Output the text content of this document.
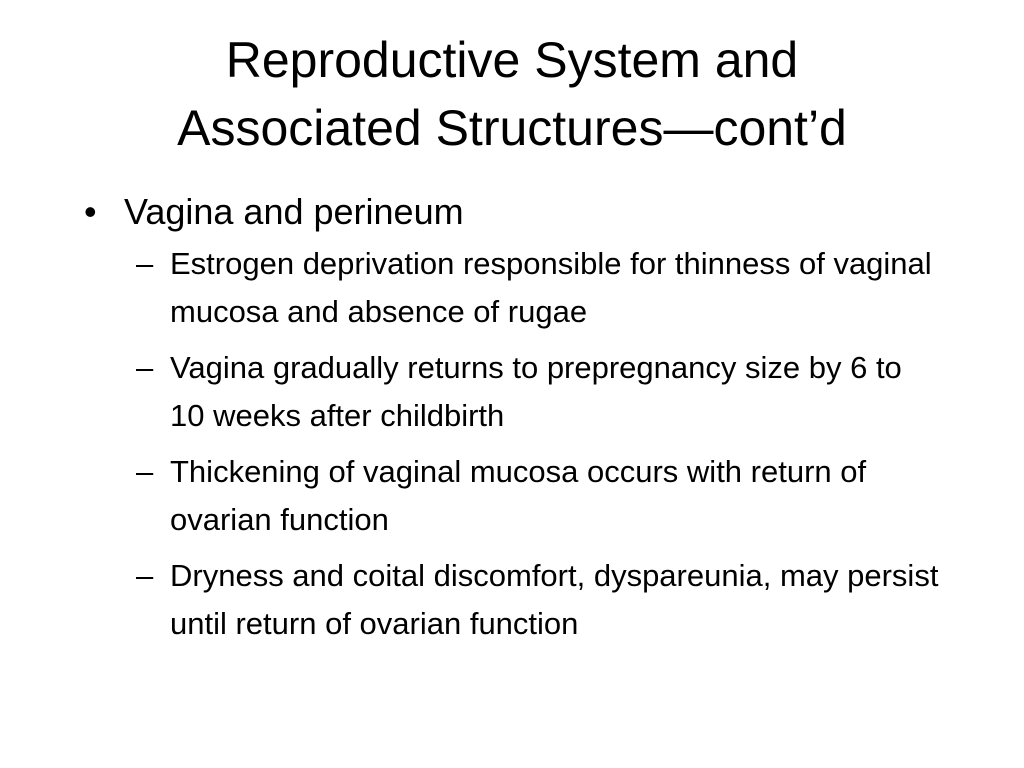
Reproductive System and
Associated Structures—cont’d
• Vagina and perineum
– Estrogen deprivation responsible for thinness of vaginal mucosa and absence of rugae
– Vagina gradually returns to prepregnancy size by 6 to 10 weeks after childbirth
– Thickening of vaginal mucosa occurs with return of ovarian function
– Dryness and coital discomfort, dyspareunia, may persist until return of ovarian function
